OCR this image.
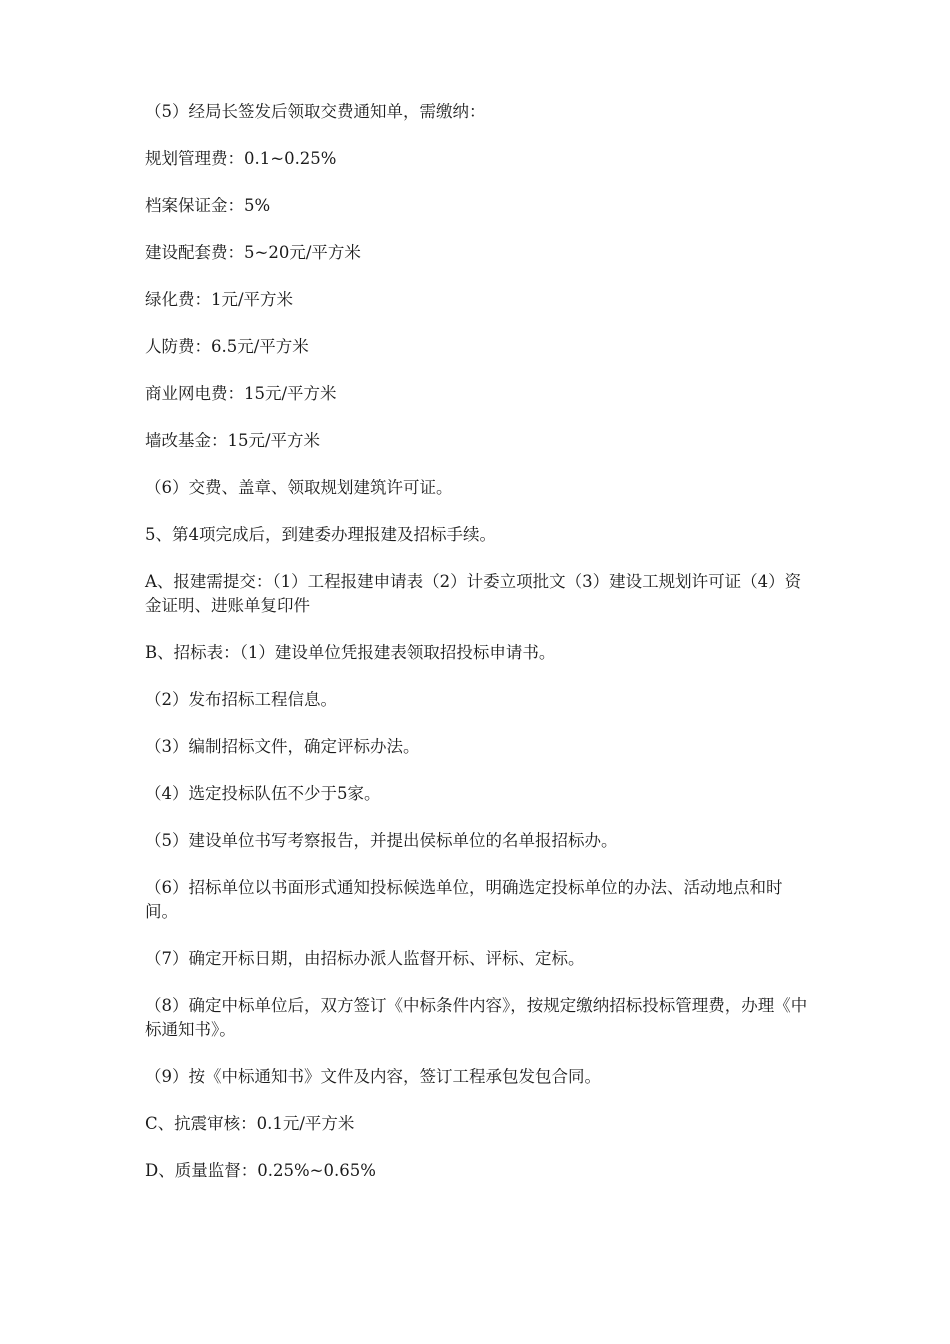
（5）经局长签发后领取交费通知单，需缴纳：

规划管理费：0.1~0.25%

档案保证金：5%

建设配套费：5~20元/平方米

绿化费：1元/平方米

人防费：6.5元/平方米

商业网电费：15元/平方米

墙改基金：15元/平方米

（6）交费、盖章、领取规划建筑许可证。

5、第4项完成后，到建委办理报建及招标手续。

A、报建需提交：（1）工程报建申请表（2）计委立项批文（3）建设工规划许可证（4）资金证明、进账单复印件

B、招标表：（1）建设单位凭报建表领取招投标申请书。

（2）发布招标工程信息。

（3）编制招标文件，确定评标办法。

（4）选定投标队伍不少于5家。

（5）建设单位书写考察报告，并提出侯标单位的名单报招标办。

（6）招标单位以书面形式通知投标候选单位，明确选定投标单位的办法、活动地点和时间。

（7）确定开标日期，由招标办派人监督开标、评标、定标。

（8）确定中标单位后，双方签订《中标条件内容》，按规定缴纳招标投标管理费，办理《中标通知书》。

（9）按《中标通知书》文件及内容，签订工程承包发包合同。

C、抗震审核：0.1元/平方米

D、质量监督：0.25%~0.65%
